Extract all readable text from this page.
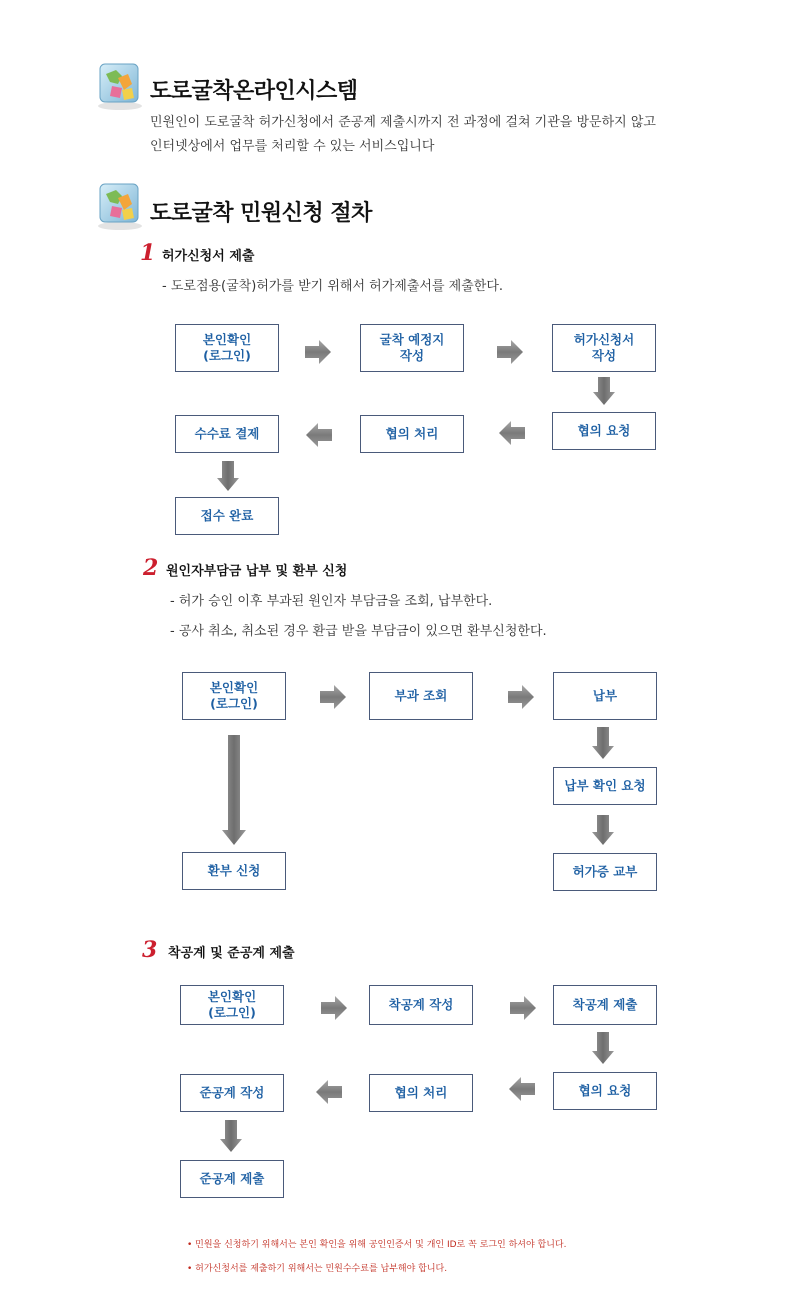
도로굴착온라인시스템
민원인이 도로굴착 허가신청에서 준공계 제출시까지 전 과정에 걸쳐 기관을 방문하지 않고
인터넷상에서 업무를 처리할 수 있는 서비스입니다
도로굴착 민원신청 절차
1 허가신청서 제출
- 도로점용(굴착)허가를 받기 위해서 허가제출서를 제출한다.
본인확인
(로그인)
굴착 예정지
작성
허가신청서
작성
협의 요청
협의 처리
수수료 결제
접수 완료
2 원인자부담금 납부 및 환부 신청
- 허가 승인 이후 부과된 원인자 부담금을 조회, 납부한다.
- 공사 취소, 취소된 경우 환급 받을 부담금이 있으면 환부신청한다.
본인확인
(로그인)
부과 조회	납부
납부 확인 요청
환부 신청	허가증 교부
3 착공계 및 준공계 제출
본인확인
(로그인)
착공계 작성	착공계 제출
협의 요청
협의 처리
준공계 작성
준공계 제출
• 민원을 신청하기 위해서는 본인 확인을 위해 공인인증서 및 개인 ID로 꼭 로그인 하셔야 합니다.
• 허가신청서를 제출하기 위해서는 민원수수료를 납부해야 합니다.
